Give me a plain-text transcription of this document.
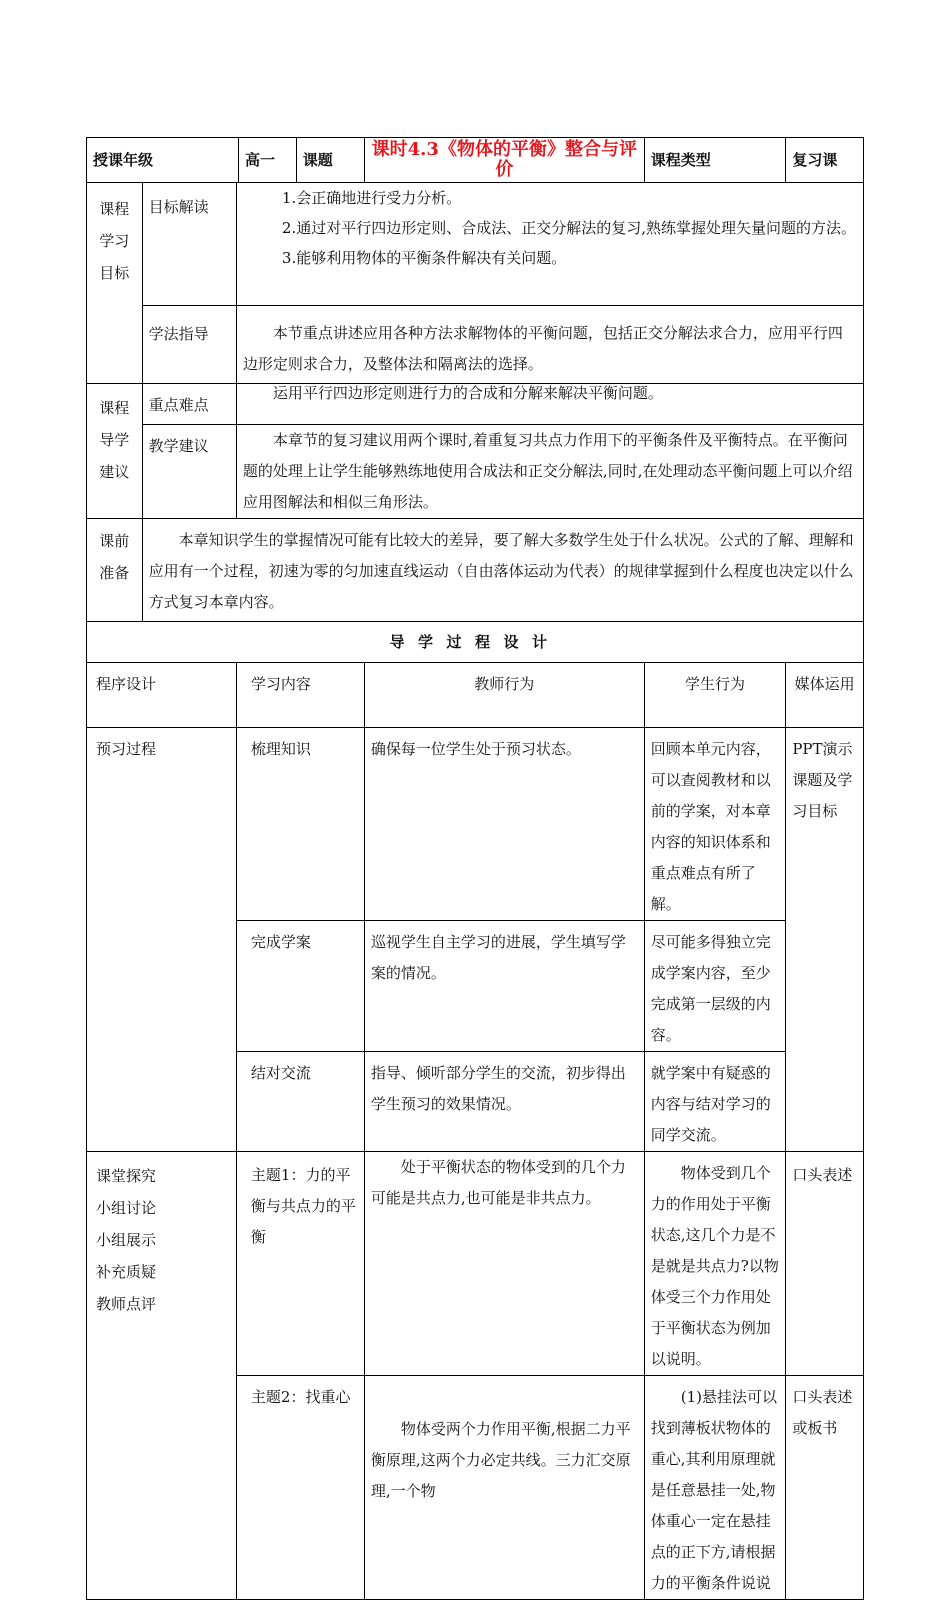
授课年级			高一	课题	课时4.3《物体的平衡》整合与评价	课程类型	复习课
课程学习目标	目标解读	1.会正确地进行受力分析。
2.通过对平行四边形定则、合成法、正交分解法的复习,熟练掌握处理矢量问题的方法。
3.能够利用物体的平衡条件解决有关问题。					

	学法指导	本节重点讲述应用各种方法求解物体的平衡问题，包括正交分解法求合力，应用平行四边形定则求合力，及整体法和隔离法的选择。					

课程导学建议	重点难点	运用平行四边形定则进行力的合成和分解来解决平衡问题。					

	教学建议	本章节的复习建议用两个课时,着重复习共点力作用下的平衡条件及平衡特点。在平衡问题的处理上让学生能够熟练地使用合成法和正交分解法,同时,在处理动态平衡问题上可以介绍应用图解法和相似三角形法。					

课前准备	本章知识学生的掌握情况可能有比较大的差异，要了解大多数学生处于什么状况。公式的了解、理解和应用有一个过程，初速为零的匀加速直线运动（自由落体运动为代表）的规律掌握到什么程度也决定以什么方式复习本章内容。						

导学过程设计							
程序设计		学习内容			教师行为	学生行为	媒体运用
预习过程		梳理知识			确保每一位学生处于预习状态。	回顾本单元内容，可以查阅教材和以前的学案，对本章内容的知识体系和重点难点有所了解。	PPT演示课题及学习目标
		完成学案			巡视学生自主学习的进展，学生填写学案的情况。	尽可能多得独立完成学案内容，至少完成第一层级的内容。	
		结对交流			指导、倾听部分学生的交流，初步得出学生预习的效果情况。	就学案中有疑惑的内容与结对学习的同学交流。	

课堂探究
小组讨论
小组展示
补充质疑
教师点评		主题1：力的平衡与共点力的平衡			处于平衡状态的物体受到的几个力可能是共点力,也可能是非共点力。	物体受到几个力的作用处于平衡状态,这几个力是不是就是共点力?以物体受三个力作用处于平衡状态为例加以说明。	口头表述
		主题2：找重心			物体受两个力作用平衡,根据二力平衡原理,这两个力必定共线。三力汇交原理,一个物	(1)悬挂法可以找到薄板状物体的重心,其利用原理就是任意悬挂一处,物体重心一定在悬挂点的正下方,请根据力的平衡条件说说	口头表述或板书
